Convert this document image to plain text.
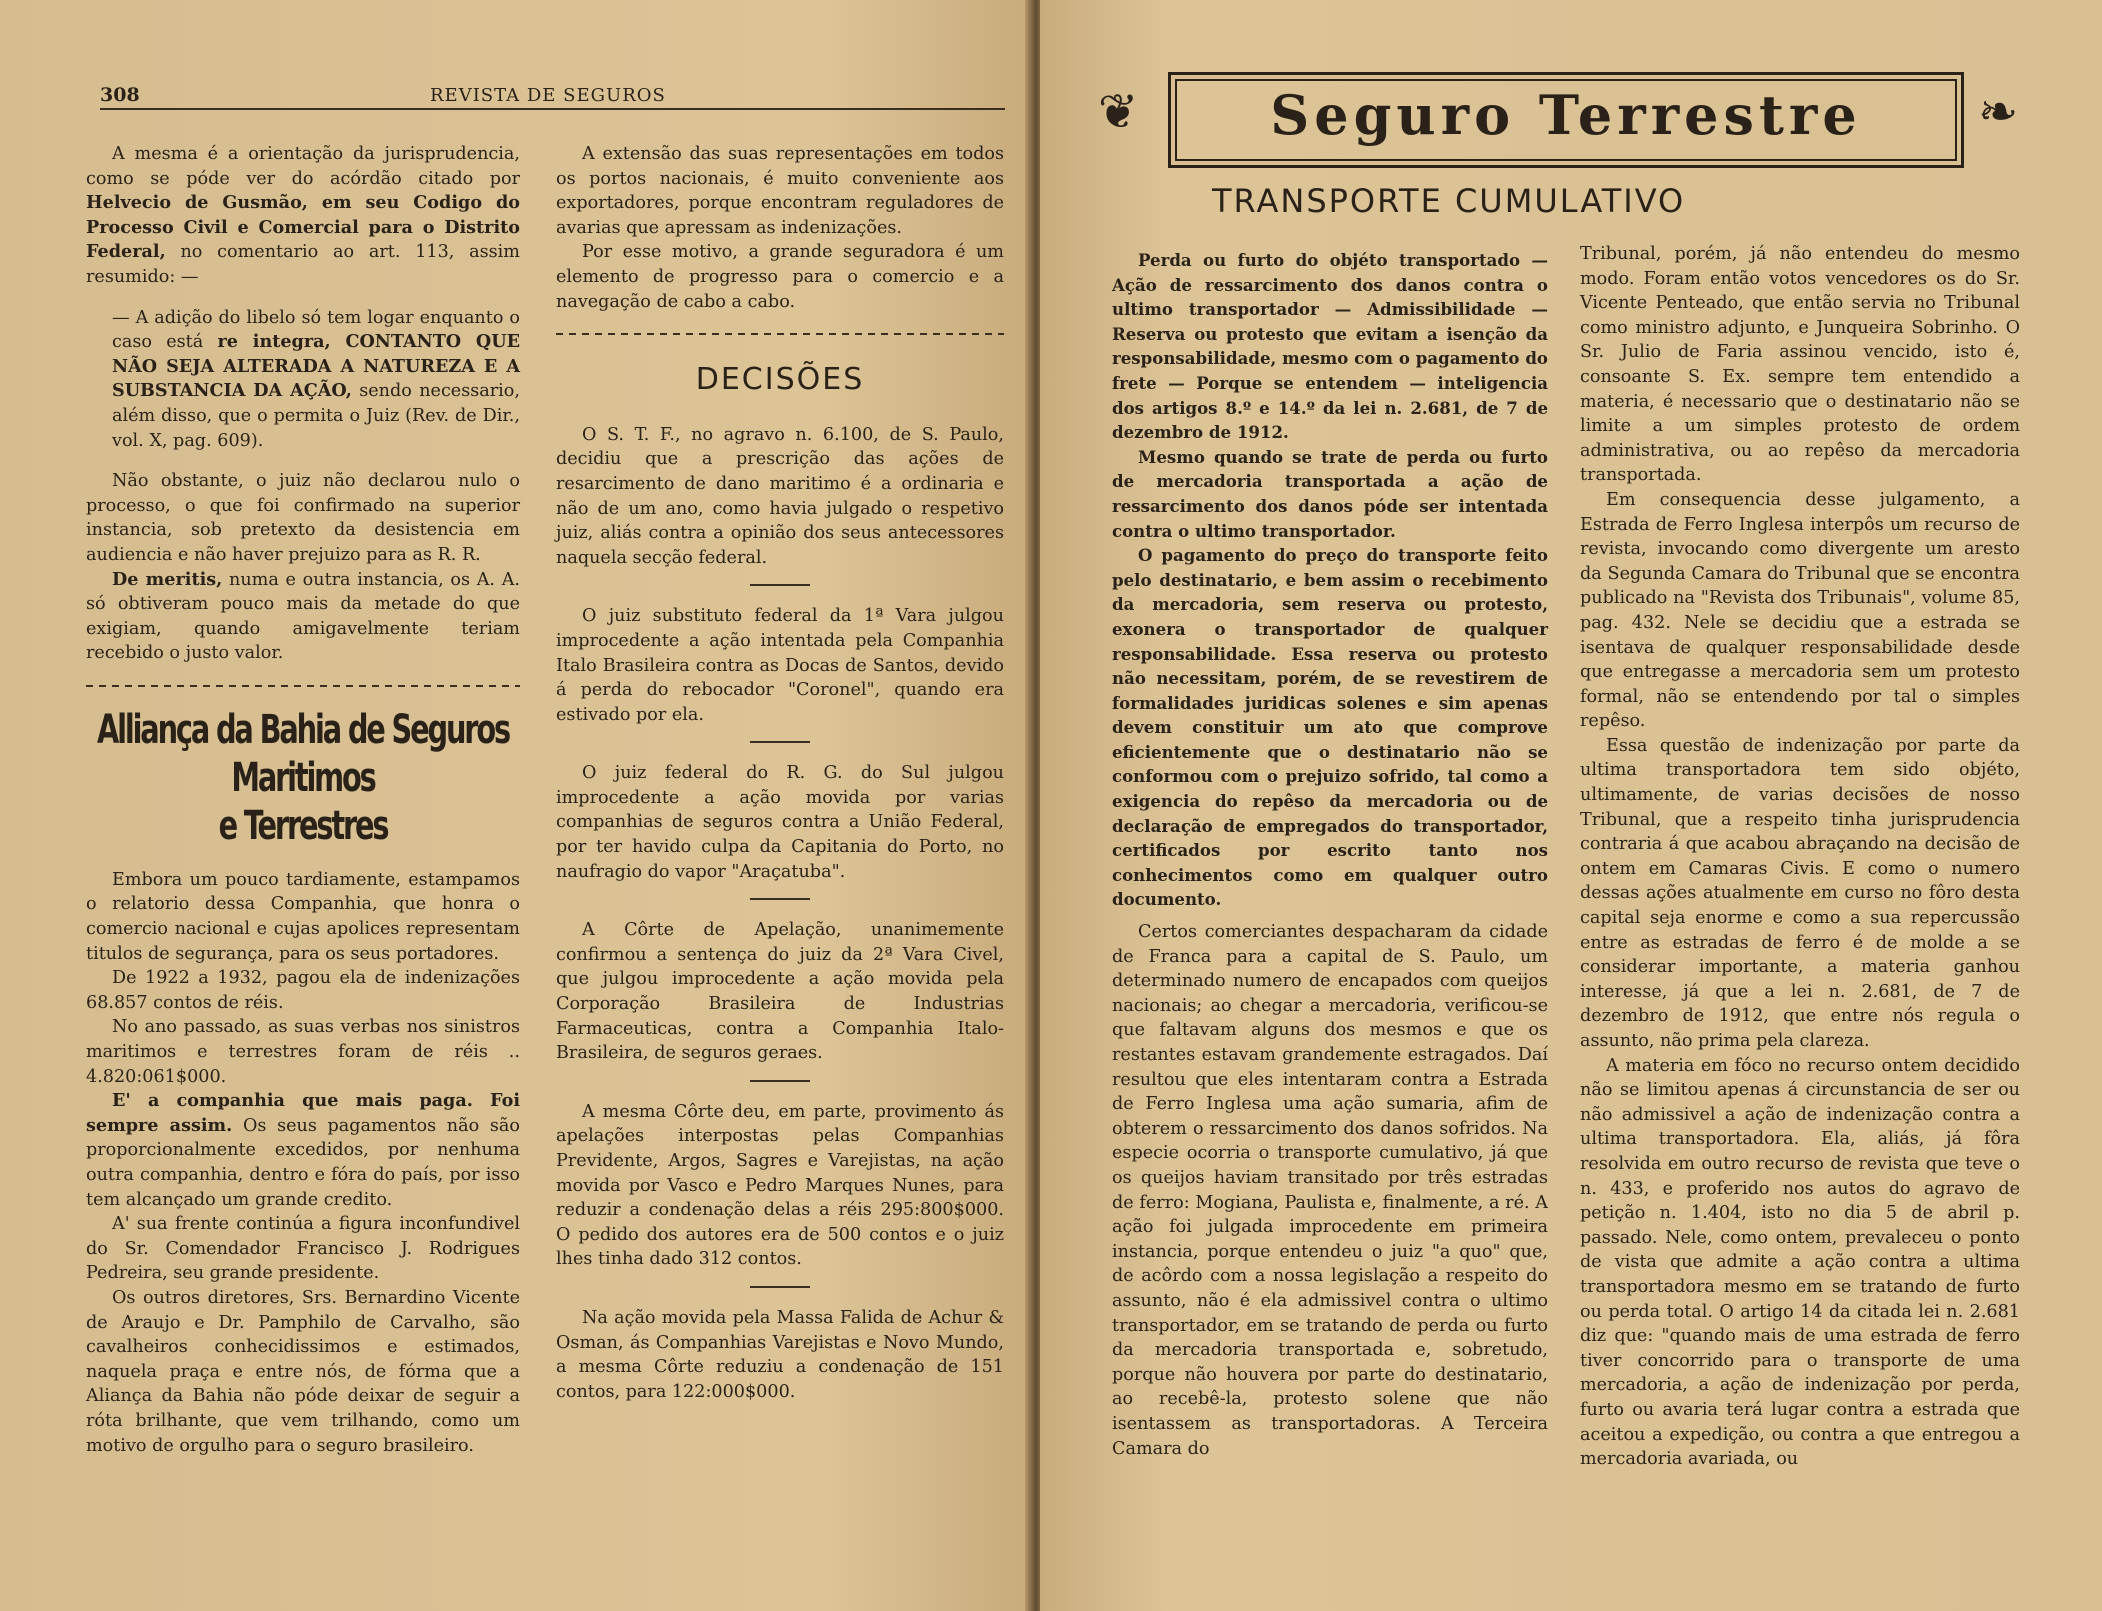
308	REVISTA DE SEGUROS

A mesma é a orientação da jurisprudencia, como se póde ver do acórdão citado por Helvecio de Gusmão, em seu Codigo do Processo Civil e Comercial para o Distrito Federal, no comentario ao art. 113, assim resumido: —

— A adição do libelo só tem logar enquanto o caso está re integra, CONTANTO QUE NÃO SEJA ALTERADA A NATUREZA E A SUBSTANCIA DA AÇÃO, sendo necessario, além disso, que o permita o Juiz (Rev. de Dir., vol. X, pag. 609).

Não obstante, o juiz não declarou nulo o processo, o que foi confirmado na superior instancia, sob pretexto da desistencia em audiencia e não haver prejuizo para as R. R.

De meritis, numa e outra instancia, os A. A. só obtiveram pouco mais da metade do que exigiam, quando amigavelmente teriam recebido o justo valor.

Alliança da Bahia de Seguros Maritimos
e Terrestres

Embora um pouco tardiamente, estampamos o relatorio dessa Companhia, que honra o comercio nacional e cujas apolices representam titulos de segurança, para os seus portadores.

De 1922 a 1932, pagou ela de indenizações 68.857 contos de réis.

No ano passado, as suas verbas nos sinistros maritimos e terrestres foram de réis .. 4.820:061$000.

E' a companhia que mais paga. Foi sempre assim. Os seus pagamentos não são proporcionalmente excedidos, por nenhuma outra companhia, dentro e fóra do país, por isso tem alcançado um grande credito.

A' sua frente continúa a figura inconfundivel do Sr. Comendador Francisco J. Rodrigues Pedreira, seu grande presidente.

Os outros diretores, Srs. Bernardino Vicente de Araujo e Dr. Pamphilo de Carvalho, são cavalheiros conhecidissimos e estimados, naquela praça e entre nós, de fórma que a Aliança da Bahia não póde deixar de seguir a róta brilhante, que vem trilhando, como um motivo de orgulho para o seguro brasileiro.

A extensão das suas representações em todos os portos nacionais, é muito conveniente aos exportadores, porque encontram reguladores de avarias que apressam as indenizações.

Por esse motivo, a grande seguradora é um elemento de progresso para o comercio e a navegação de cabo a cabo.

DECISÕES

O S. T. F., no agravo n. 6.100, de S. Paulo, decidiu que a prescrição das ações de resarcimento de dano maritimo é a ordinaria e não de um ano, como havia julgado o respetivo juiz, aliás contra a opinião dos seus antecessores naquela secção federal.

O juiz substituto federal da 1ª Vara julgou improcedente a ação intentada pela Companhia Italo Brasileira contra as Docas de Santos, devido á perda do rebocador "Coronel", quando era estivado por ela.

O juiz federal do R. G. do Sul julgou improcedente a ação movida por varias companhias de seguros contra a União Federal, por ter havido culpa da Capitania do Porto, no naufragio do vapor "Araçatuba".

A Côrte de Apelação, unanimemente confirmou a sentença do juiz da 2ª Vara Civel, que julgou improcedente a ação movida pela Corporação Brasileira de Industrias Farmaceuticas, contra a Companhia Italo-Brasileira, de seguros geraes.

A mesma Côrte deu, em parte, provimento ás apelações interpostas pelas Companhias Previdente, Argos, Sagres e Varejistas, na ação movida por Vasco e Pedro Marques Nunes, para reduzir a condenação delas a réis 295:800$000. O pedido dos autores era de 500 contos e o juiz lhes tinha dado 312 contos.

Na ação movida pela Massa Falida de Achur & Osman, ás Companhias Varejistas e Novo Mundo, a mesma Côrte reduziu a condenação de 151 contos, para 122:000$000.

❦	Seguro Terrestre	❧
TRANSPORTE CUMULATIVO

Perda ou furto do objéto transportado — Ação de ressarcimento dos danos contra o ultimo transportador — Admissibilidade — Reserva ou protesto que evitam a isenção da responsabilidade, mesmo com o pagamento do frete — Porque se entendem — inteligencia dos artigos 8.º e 14.º da lei n. 2.681, de 7 de dezembro de 1912.

Mesmo quando se trate de perda ou furto de mercadoria transportada a ação de ressarcimento dos danos póde ser intentada contra o ultimo transportador.

O pagamento do preço do transporte feito pelo destinatario, e bem assim o recebimento da mercadoria, sem reserva ou protesto, exonera o transportador de qualquer responsabilidade. Essa reserva ou protesto não necessitam, porém, de se revestirem de formalidades juridicas solenes e sim apenas devem constituir um ato que comprove eficientemente que o destinatario não se conformou com o prejuizo sofrido, tal como a exigencia do repêso da mercadoria ou de declaração de empregados do transportador, certificados por escrito tanto nos conhecimentos como em qualquer outro documento.

Certos comerciantes despacharam da cidade de Franca para a capital de S. Paulo, um determinado numero de encapados com queijos nacionais; ao chegar a mercadoria, verificou-se que faltavam alguns dos mesmos e que os restantes estavam grandemente estragados. Daí resultou que eles intentaram contra a Estrada de Ferro Inglesa uma ação sumaria, afim de obterem o ressarcimento dos danos sofridos. Na especie ocorria o transporte cumulativo, já que os queijos haviam transitado por três estradas de ferro: Mogiana, Paulista e, finalmente, a ré. A ação foi julgada improcedente em primeira instancia, porque entendeu o juiz "a quo" que, de acôrdo com a nossa legislação a respeito do assunto, não é ela admissivel contra o ultimo transportador, em se tratando de perda ou furto da mercadoria transportada e, sobretudo, porque não houvera por parte do destinatario, ao recebê-la, protesto solene que não isentassem as transportadoras. A Terceira Camara do

Tribunal, porém, já não entendeu do mesmo modo. Foram então votos vencedores os do Sr. Vicente Penteado, que então servia no Tribunal como ministro adjunto, e Junqueira Sobrinho. O Sr. Julio de Faria assinou vencido, isto é, consoante S. Ex. sempre tem entendido a materia, é necessario que o destinatario não se limite a um simples protesto de ordem administrativa, ou ao repêso da mercadoria transportada.

Em consequencia desse julgamento, a Estrada de Ferro Inglesa interpôs um recurso de revista, invocando como divergente um aresto da Segunda Camara do Tribunal que se encontra publicado na "Revista dos Tribunais", volume 85, pag. 432. Nele se decidiu que a estrada se isentava de qualquer responsabilidade desde que entregasse a mercadoria sem um protesto formal, não se entendendo por tal o simples repêso.

Essa questão de indenização por parte da ultima transportadora tem sido objéto, ultimamente, de varias decisões de nosso Tribunal, que a respeito tinha jurisprudencia contraria á que acabou abraçando na decisão de ontem em Camaras Civis. E como o numero dessas ações atualmente em curso no fôro desta capital seja enorme e como a sua repercussão entre as estradas de ferro é de molde a se considerar importante, a materia ganhou interesse, já que a lei n. 2.681, de 7 de dezembro de 1912, que entre nós regula o assunto, não prima pela clareza.

A materia em fóco no recurso ontem decidido não se limitou apenas á circunstancia de ser ou não admissivel a ação de indenização contra a ultima transportadora. Ela, aliás, já fôra resolvida em outro recurso de revista que teve o n. 433, e proferido nos autos do agravo de petição n. 1.404, isto no dia 5 de abril p. passado. Nele, como ontem, prevaleceu o ponto de vista que admite a ação contra a ultima transportadora mesmo em se tratando de furto ou perda total. O artigo 14 da citada lei n. 2.681 diz que: "quando mais de uma estrada de ferro tiver concorrido para o transporte de uma mercadoria, a ação de indenização por perda, furto ou avaria terá lugar contra a estrada que aceitou a expedição, ou contra a que entregou a mercadoria avariada, ou
